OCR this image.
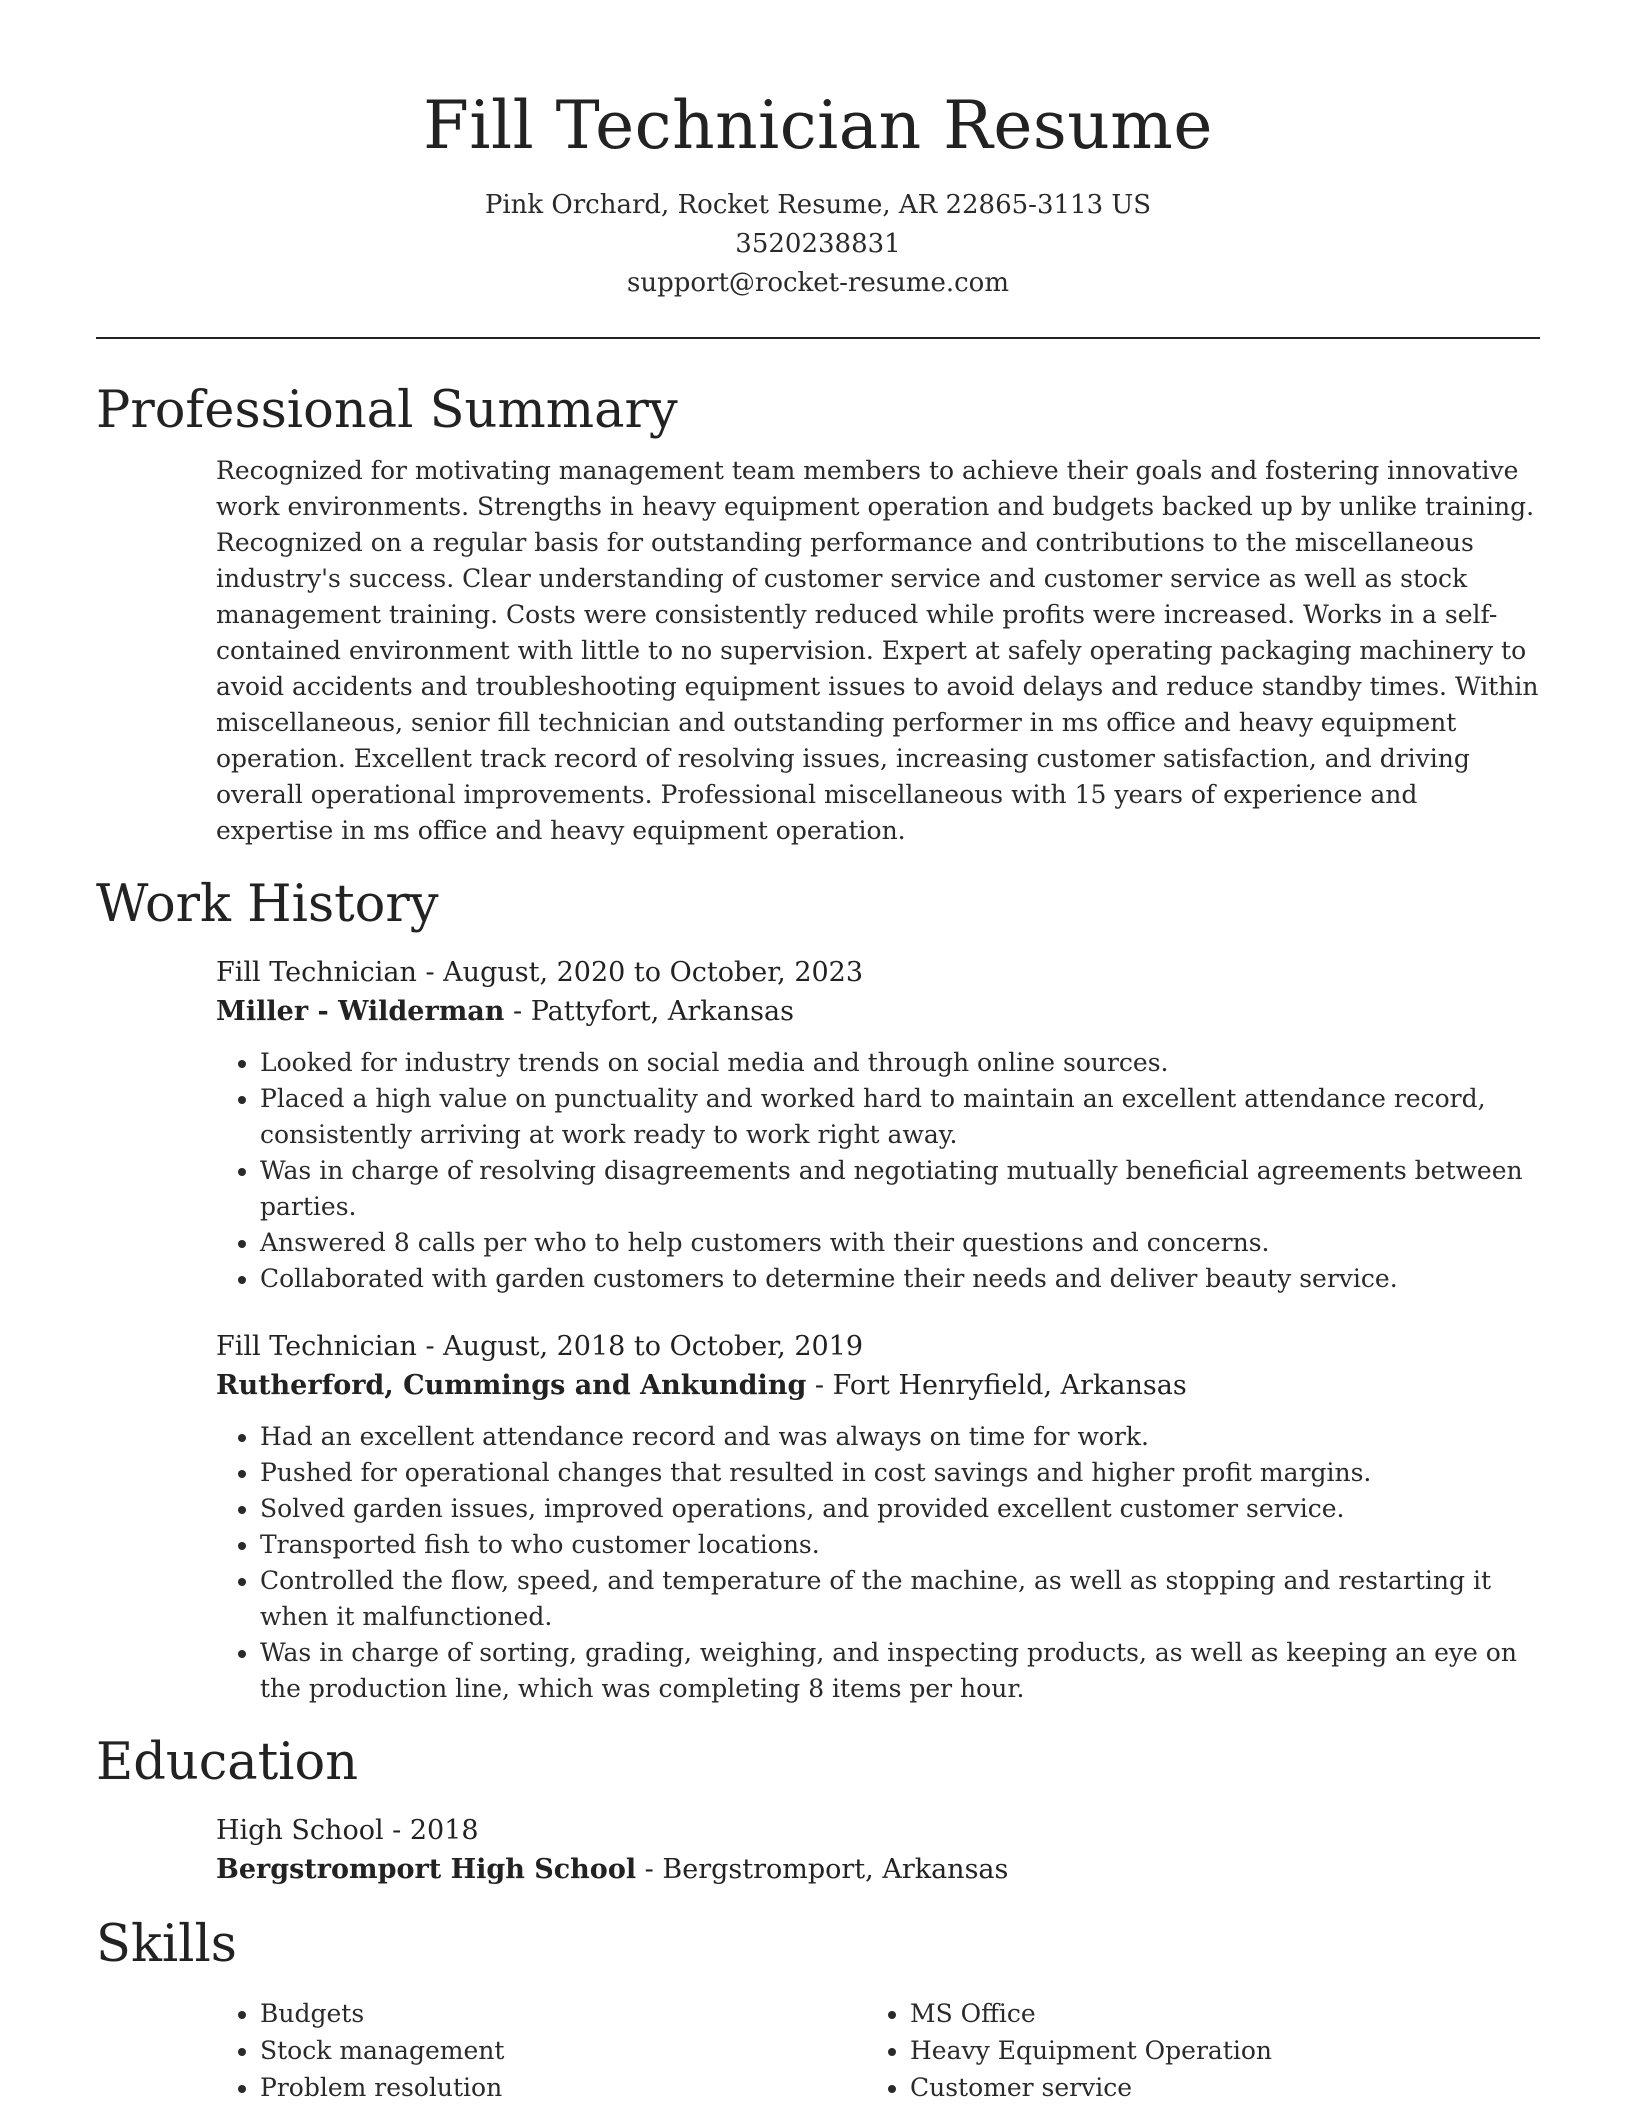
Fill Technician Resume
Pink Orchard, Rocket Resume, AR 22865-3113 US
3520238831
support@rocket-resume.com
Professional Summary

Recognized for motivating management team members to achieve their goals and fostering innovative work environments. Strengths in heavy equipment operation and budgets backed up by unlike training. Recognized on a regular basis for outstanding performance and contributions to the miscellaneous industry's success. Clear understanding of customer service and customer service as well as stock management training. Costs were consistently reduced while profits were increased. Works in a self-contained environment with little to no supervision. Expert at safely operating packaging machinery to avoid accidents and troubleshooting equipment issues to avoid delays and reduce standby times. Within miscellaneous, senior fill technician and outstanding performer in ms office and heavy equipment operation. Excellent track record of resolving issues, increasing customer satisfaction, and driving overall operational improvements. Professional miscellaneous with 15 years of experience and expertise in ms office and heavy equipment operation.

Work History
Fill Technician - August, 2020 to October, 2023
Miller - Wilderman - Pattyfort, Arkansas
• Looked for industry trends on social media and through online sources.
• Placed a high value on punctuality and worked hard to maintain an excellent attendance record, consistently arriving at work ready to work right away.
• Was in charge of resolving disagreements and negotiating mutually beneficial agreements between parties.
• Answered 8 calls per who to help customers with their questions and concerns.
• Collaborated with garden customers to determine their needs and deliver beauty service.
Fill Technician - August, 2018 to October, 2019
Rutherford, Cummings and Ankunding - Fort Henryfield, Arkansas
• Had an excellent attendance record and was always on time for work.
• Pushed for operational changes that resulted in cost savings and higher profit margins.
• Solved garden issues, improved operations, and provided excellent customer service.
• Transported fish to who customer locations.
• Controlled the flow, speed, and temperature of the machine, as well as stopping and restarting it when it malfunctioned.
• Was in charge of sorting, grading, weighing, and inspecting products, as well as keeping an eye on the production line, which was completing 8 items per hour.
Education
High School - 2018
Bergstromport High School - Bergstromport, Arkansas
Skills
• Budgets
• Stock management
• Problem resolution
• MS Office
• Heavy Equipment Operation
• Customer service
